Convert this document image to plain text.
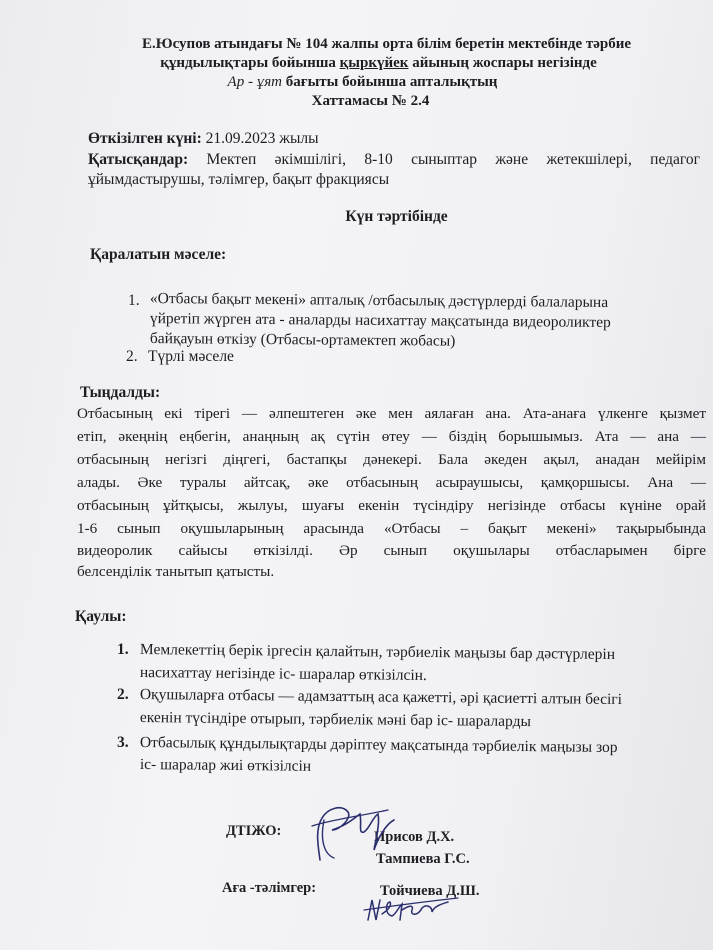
Е.Юсупов атындағы № 104 жалпы орта білім беретін мектебінде тәрбие
құндылықтары бойынша қыркүйек айының жоспары негізінде
Ар - ұят бағыты бойынша апталықтың
Хаттамасы № 2.4
Өткізілген күні: 21.09.2023 жылы
Қатысқандар: Мектеп әкімшілігі, 8-10 сыныптар және жетекшілері, педагог
ұйымдастырушы, тәлімгер, бақыт фракциясы
Күн тәртібінде
Қаралатын мәселе:
1. «Отбасы бақыт мекені» апталық /отбасылық дәстүрлерді балаларына
үйретіп жүрген ата - аналарды насихаттау мақсатында видеороликтер
байқауын өткізу (Отбасы-ортамектеп жобасы)
2. Түрлі мәселе
Тыңдалды:
Отбасының екі тірегі — әлпештеген әке мен аялаған ана. Ата-анаға үлкенге қызмет
етіп, әкеңнің еңбегін, анаңның ақ сүтін өтеу — біздің борышымыз. Ата — ана —
отбасының негізгі діңгегі, бастапқы дәнекері. Бала әкеден ақыл, анадан мейірім
алады. Әке туралы айтсақ, әке отбасының асыраушысы, қамқоршысы. Ана —
отбасының ұйтқысы, жылуы, шуағы екенін түсіндіру негізінде отбасы күніне орай
1-6 сынып оқушыларының арасында «Отбасы – бақыт мекені» тақырыбында
видеоролик сайысы өткізілді. Әр сынып оқушылары отбасларымен бірге
белсенділік танытып қатысты.
Қаулы:
1. Мемлекеттің берік іргесін қалайтын, тәрбиелік маңызы бар дәстүрлерін
насихаттау негізінде іс- шаралар өткізілсін.
2. Оқушыларға отбасы — адамзаттың аса қажетті, әрі қасиетті алтын бесігі
екенін түсіндіре отырып, тәрбиелік мәні бар іс- шараларды
3. Отбасылық құндылықтарды дәріптеу мақсатында тәрбиелік маңызы зор
іс- шаралар жиі өткізілсін
ДТІЖО:	Ирисов Д.Х.
Тампиева Г.С.
Аға -тәлімгер:	Тойчиева Д.Ш.
